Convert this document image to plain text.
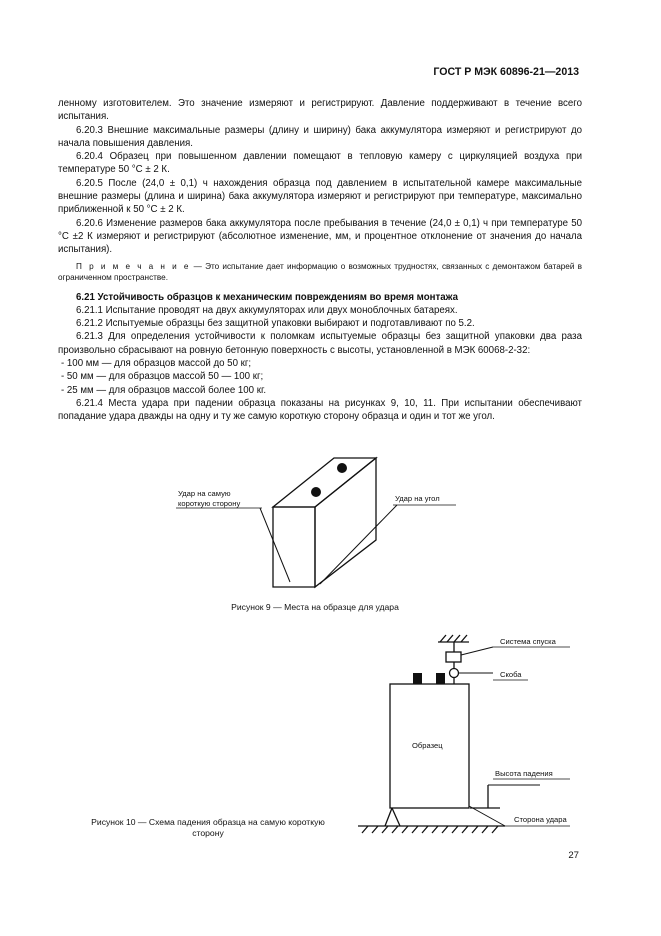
ГОСТ Р МЭК 60896-21—2013

ленному изготовителем. Это значение измеряют и регистрируют. Давление поддерживают в течение всего испытания.

6.20.3 Внешние максимальные размеры (длину и ширину) бака аккумулятора измеряют и регистрируют до начала повышения давления.

6.20.4 Образец при повышенном давлении помещают в тепловую камеру с циркуляцией воздуха при температуре 50 °С ± 2 К.

6.20.5 После (24,0 ± 0,1) ч нахождения образца под давлением в испытательной камере максимальные внешние размеры (длина и ширина) бака аккумулятора измеряют и регистрируют при температуре, максимально приближенной к 50 °С ± 2 К.

6.20.6 Изменение размеров бака аккумулятора после пребывания в течение (24,0 ± 0,1) ч при температуре 50 °С ±2 К измеряют и регистрируют (абсолютное изменение, мм, и процентное отклонение от значения до начала испытания).

П р и м е ч а н и е — Это испытание дает информацию о возможных трудностях, связанных с демонтажом батарей в ограниченном пространстве.

6.21 Устойчивость образцов к механическим повреждениям во время монтажа

6.21.1 Испытание проводят на двух аккумуляторах или двух моноблочных батареях.

6.21.2 Испытуемые образцы без защитной упаковки выбирают и подготавливают по 5.2.

6.21.3 Для определения устойчивости к поломкам испытуемые образцы без защитной упаковки два раза произвольно сбрасывают на ровную бетонную поверхность с высоты, установленной в МЭК 60068-2-32:

- 100 мм — для образцов массой до 50 кг;

- 50 мм — для образцов массой 50 — 100 кг;

- 25 мм — для образцов массой более 100 кг.

6.21.4 Места удара при падении образца показаны на рисунках 9, 10, 11. При испытании обеспечивают попадание удара дважды на одну и ту же самую короткую сторону образца и один и тот же угол.

Удар на самую
короткую сторону	Удар на угол
Рисунок 9 — Места на образце для удара
Система спуска
Скоба
Образец
Высота падения
Сторона удара
Рисунок 10 — Схема падения образца на самую короткую
сторону
27
